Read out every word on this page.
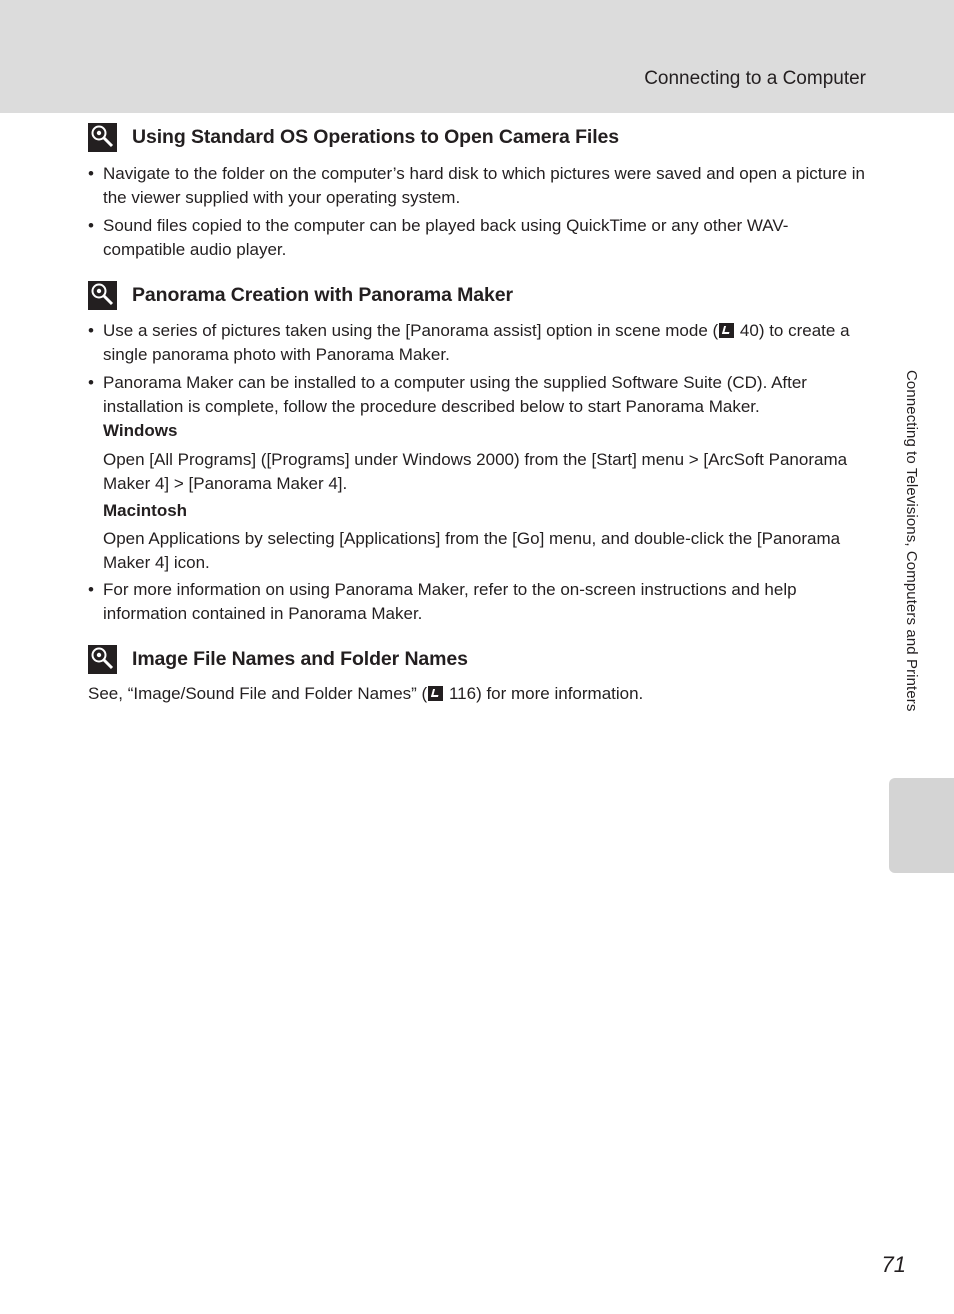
Connecting to a Computer
Connecting to Televisions, Computers and Printers
Using Standard OS Operations to Open Camera Files
• Navigate to the folder on the computer’s hard disk to which pictures were saved and open a picture in the viewer supplied with your operating system.
• Sound files copied to the computer can be played back using QuickTime or any other WAV-compatible audio player.
Panorama Creation with Panorama Maker
• Use a series of pictures taken using the [Panorama assist] option in scene mode ( 40) to create a single panorama photo with Panorama Maker.
• Panorama Maker can be installed to a computer using the supplied Software Suite (CD). After installation is complete, follow the procedure described below to start Panorama Maker.
Windows
Open [All Programs] ([Programs] under Windows 2000) from the [Start] menu > [ArcSoft Panorama Maker 4] > [Panorama Maker 4].
Macintosh
Open Applications by selecting [Applications] from the [Go] menu, and double-click the [Panorama Maker 4] icon.
• For more information on using Panorama Maker, refer to the on-screen instructions and help information contained in Panorama Maker.
Image File Names and Folder Names
See, “Image/Sound File and Folder Names” ( 116) for more information.
71
